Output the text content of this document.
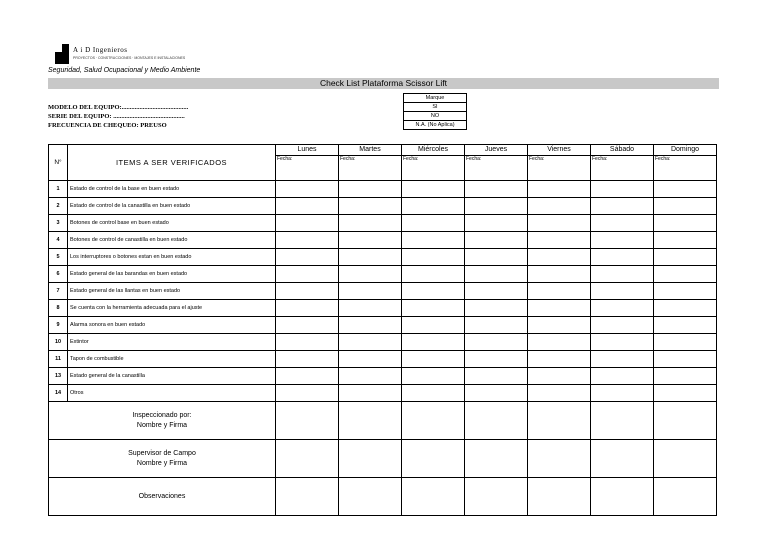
A i D Ingenieros
PROYECTOS · CONSTRUCCIONES · MONTAJES E INSTALACIONES
Seguridad, Salud Ocupacional y Medio Ambiente
Check List Plataforma Scissor Lift
MODELO DEL EQUIPO:.........................................
SERIE DEL EQUIPO: ............................................
FRECUENCIA DE CHEQUEO: PREUSO
Marque
SI
NO
N.A. (No Aplica)
N°	ITEMS A SER VERIFICADOS	Lunes	Martes	Miércoles	Jueves	Viernes	Sábado	Domingo
		Fecha:	Fecha:	Fecha:	Fecha:	Fecha:	Fecha:	Fecha:
1	Estado de control de la base en buen estado							
2	Estado de control de la canastilla en buen estado							
3	Botones de control base en buen estado							
4	Botones de control de canastilla en buen estado							
5	Los interruptores o botones estan en buen estado							
6	Estado general de las barandas en buen estado							
7	Estado general de las llantas en buen estado							
8	Se cuenta con la herramienta adecuada para el ajuste							
9	Alarma sonora en buen estado							
10	Extintor							
11	Tapon de combustible							
13	Estado general de la canastilla							
14	Otros							

Inspeccionado por:
Nombre y Firma								

Supervisor de Campo
Nombre y Firma								

Observaciones								
